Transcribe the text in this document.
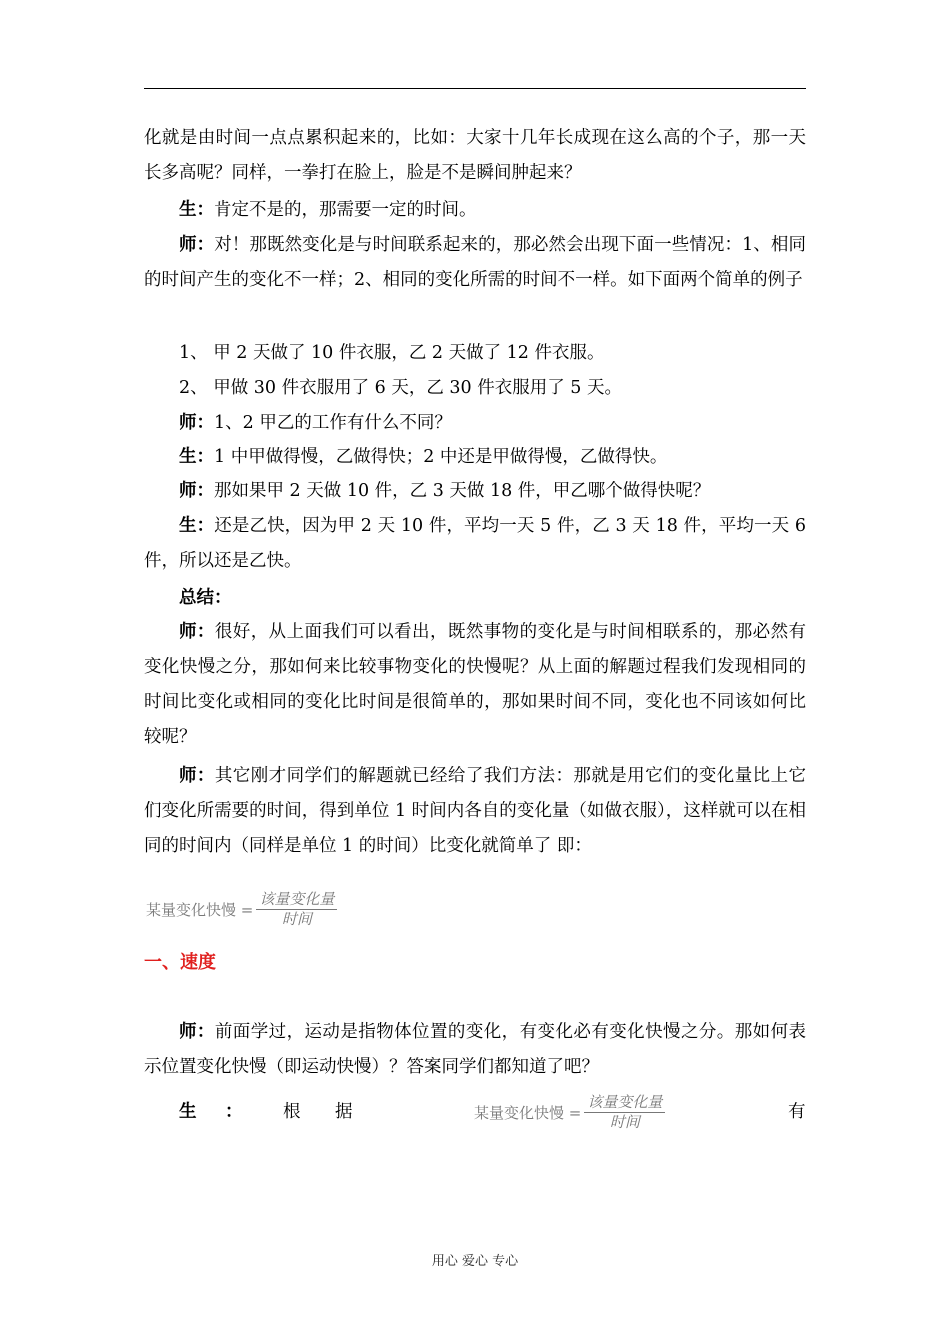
化就是由时间一点点累积起来的，比如：大家十几年长成现在这么高的个子，那一天长多高呢？同样，一拳打在脸上，脸是不是瞬间肿起来？

生：肯定不是的，那需要一定的时间。

师：对！那既然变化是与时间联系起来的，那必然会出现下面一些情况：1、相同的时间产生的变化不一样；2、相同的变化所需的时间不一样。如下面两个简单的例子

1、 甲 2 天做了 10 件衣服，乙 2 天做了 12 件衣服。
2、 甲做 30 件衣服用了 6 天，乙 30 件衣服用了 5 天。

师：1、2 甲乙的工作有什么不同？

生：1 中甲做得慢，乙做得快；2 中还是甲做得慢，乙做得快。

师：那如果甲 2 天做 10 件，乙 3 天做 18 件，甲乙哪个做得快呢？

生：还是乙快，因为甲 2 天 10 件，平均一天 5 件，乙 3 天 18 件，平均一天 6 件，所以还是乙快。

总结：

师：很好，从上面我们可以看出，既然事物的变化是与时间相联系的，那必然有变化快慢之分，那如何来比较事物变化的快慢呢？从上面的解题过程我们发现相同的时间比变化或相同的变化比时间是很简单的，那如果时间不同，变化也不同该如何比较呢？

师：其它刚才同学们的解题就已经给了我们方法：那就是用它们的变化量比上它们变化所需要的时间，得到单位 1 时间内各自的变化量（如做衣服），这样就可以在相同的时间内（同样是单位 1 的时间）比变化就简单了 即：

某量变化快慢 = $\frac{\text{该量变化量}}{\text{时间}}$
一、速度

师：前面学过，运动是指物体位置的变化，有变化必有变化快慢之分。那如何表示位置变化快慢（即运动快慢）？答案同学们都知道了吧？

生 ： 根 据	某量变化快慢 = $\frac{\text{该量变化量}}{\text{时间}}$	有
用心 爱心 专心
